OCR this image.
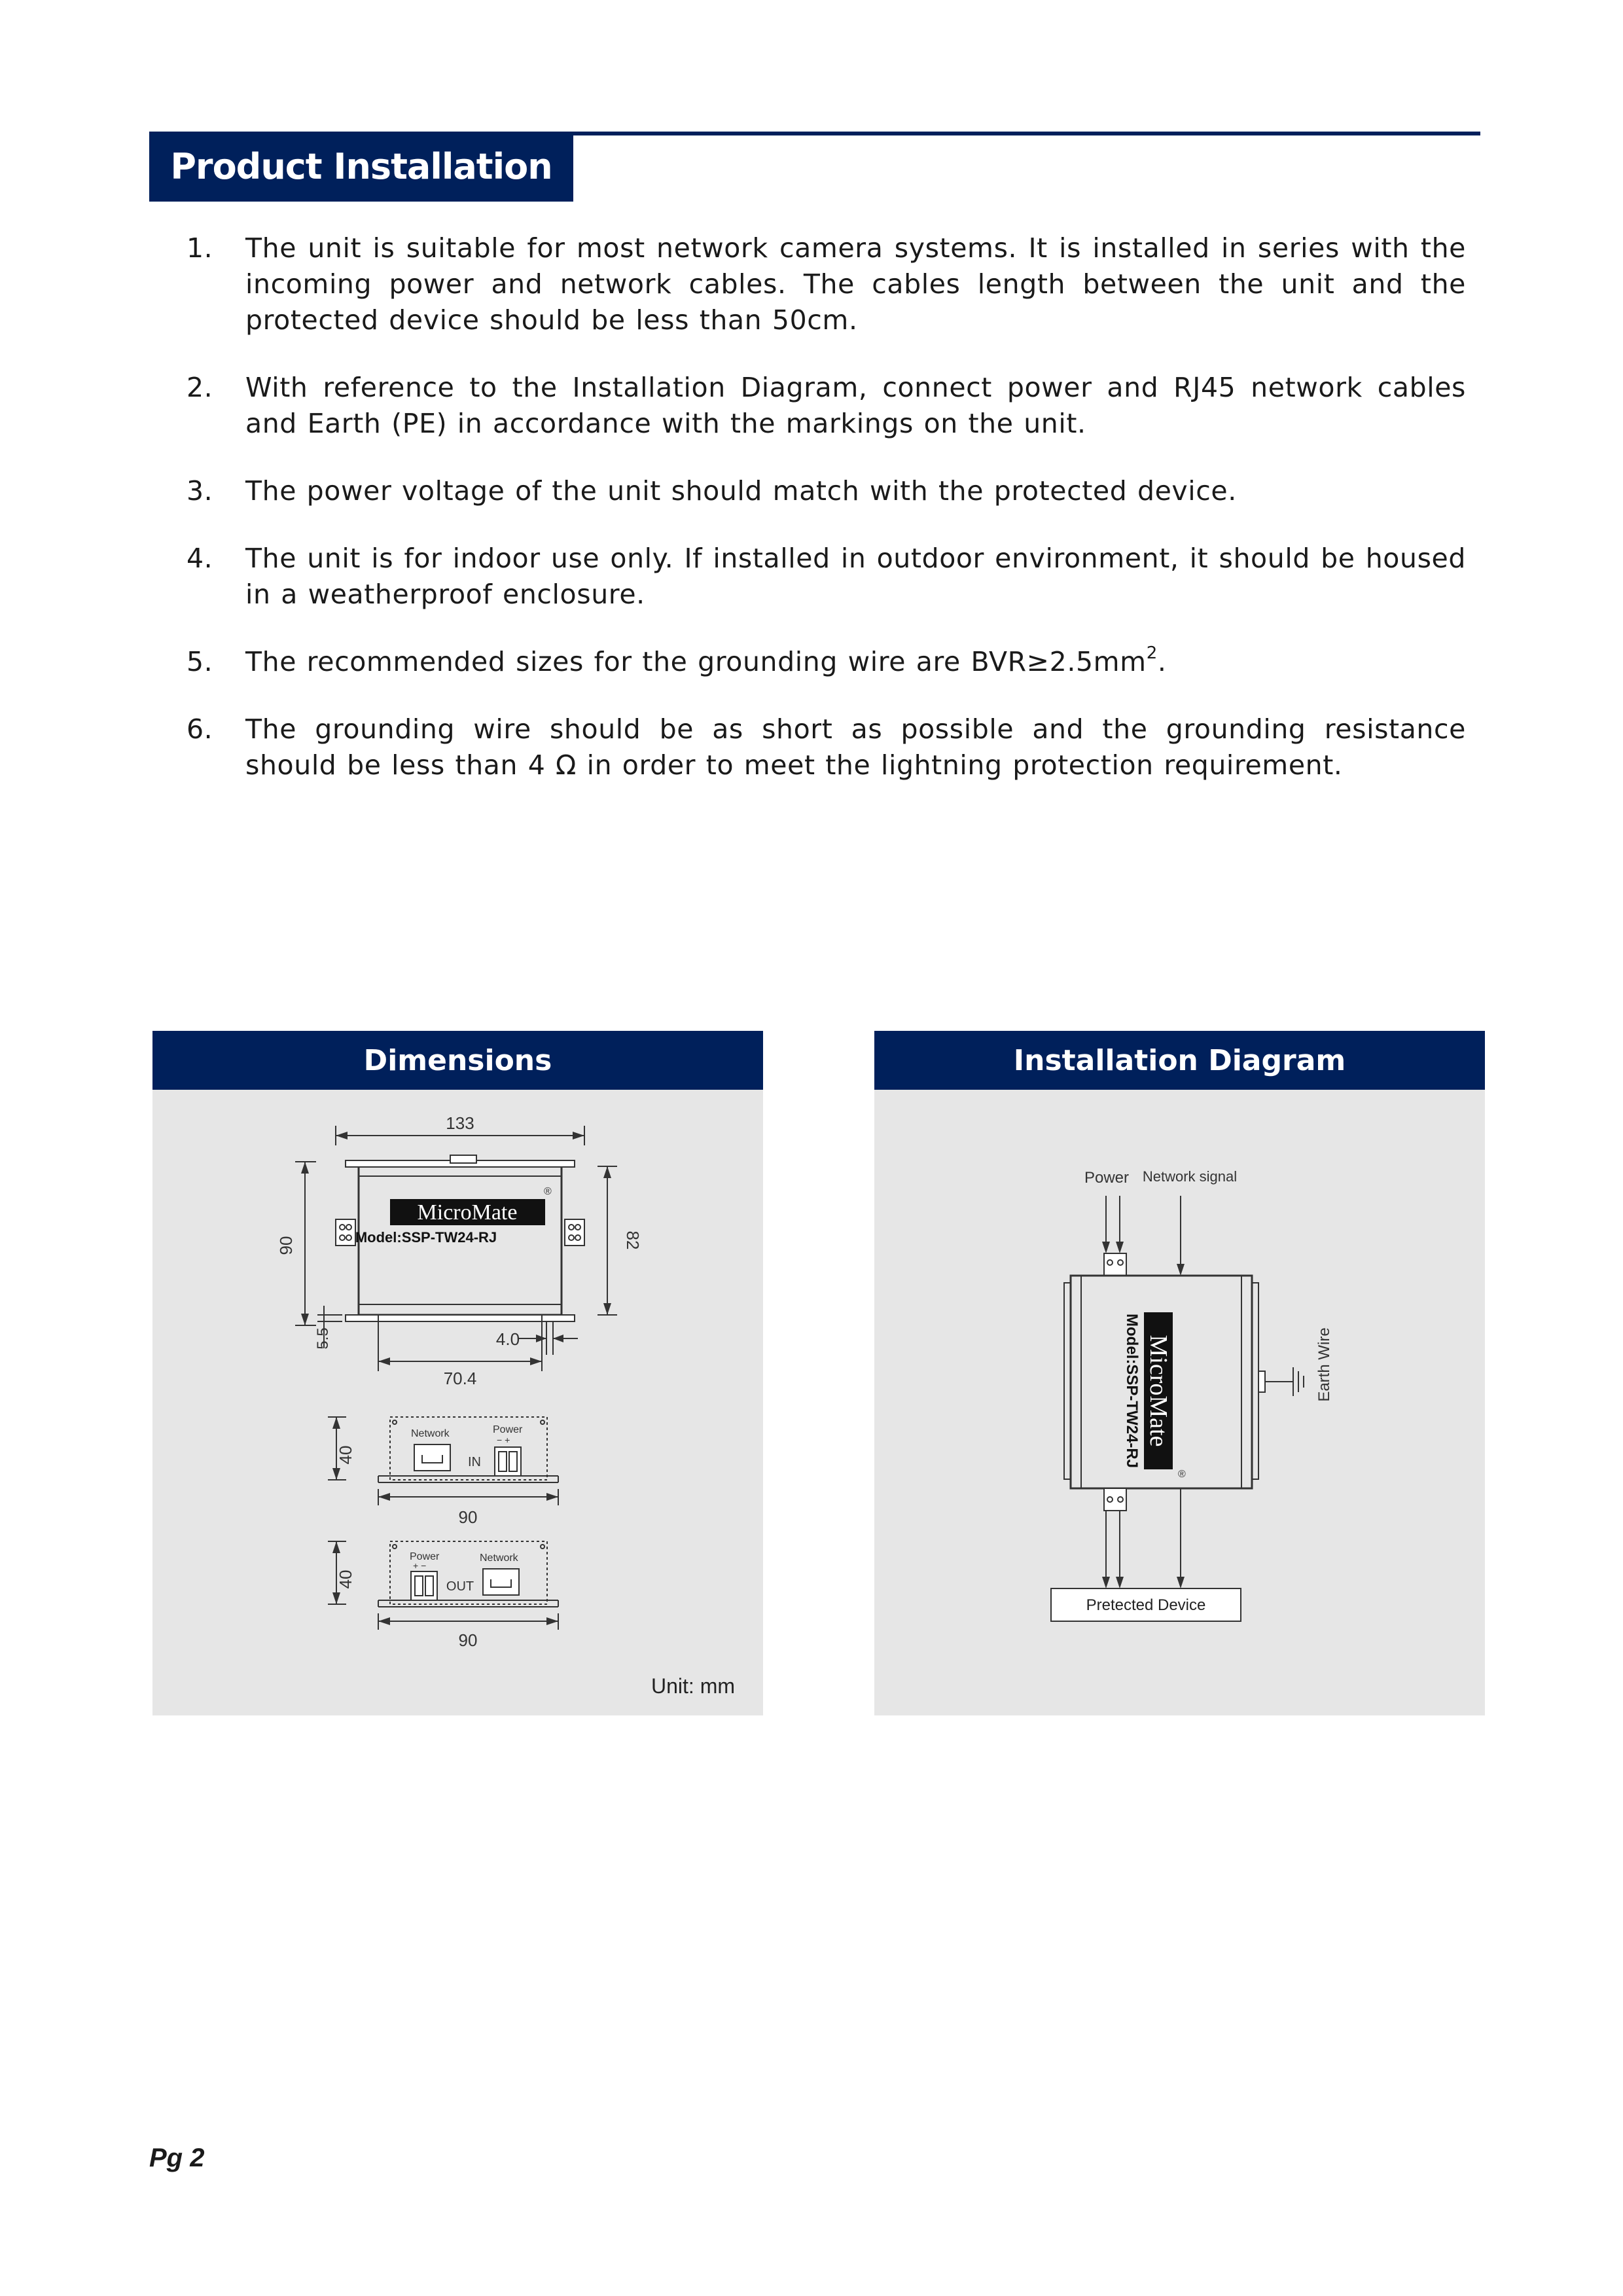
Product Installation
1. The unit is suitable for most network camera systems. It is installed in series with the incoming power and network cables. The cables length between the unit and the protected device should be less than 50cm.
2. With reference to the Installation Diagram, connect power and RJ45 network cables and Earth (PE) in accordance with the markings on the unit.
3. The power voltage of the unit should match with the protected device.
4. The unit is for indoor use only. If installed in outdoor environment, it should be housed in a weatherproof enclosure.
5. The recommended sizes for the grounding wire are $BVR\ge 2.5mm^2$.
6. The grounding wire should be as short as possible and the grounding resistance should be less than 4 Ω in order to meet the lightning protection requirement.
Dimensions
133
MicroMate
®
Model:SSP-TW24-RJ
90	82
5.5	4.0
70.4
Network
IN
Power
− +
40
90
Power
+ −
OUT
Network
40
90
Unit: mm
Installation Diagram
Power Network signal
MicroMate
Model:SSP-TW24-RJ
®
Earth Wire
Pretected Device
Pg 2
